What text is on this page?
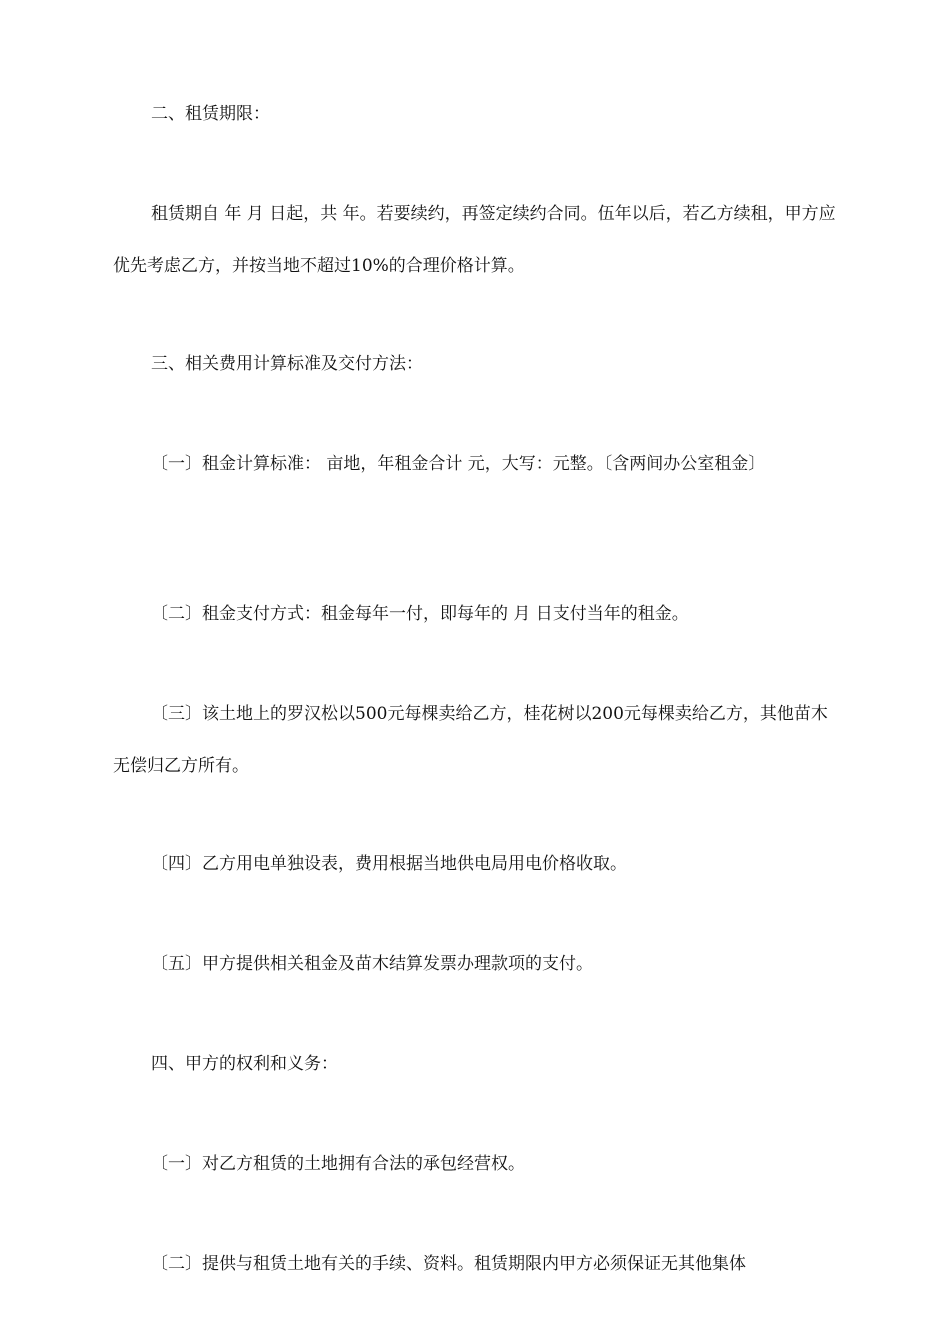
二、租赁期限：

租赁期自 年 月 日起，共 年。若要续约，再签定续约合同。伍年以后，若乙方续租，甲方应优先考虑乙方，并按当地不超过10%的合理价格计算。

三、相关费用计算标准及交付方法：

〔一〕租金计算标准： 亩地，年租金合计 元，大写：元整。〔含两间办公室租金〕

〔二〕租金支付方式：租金每年一付，即每年的 月 日支付当年的租金。

〔三〕该土地上的罗汉松以500元每棵卖给乙方，桂花树以200元每棵卖给乙方，其他苗木无偿归乙方所有。

〔四〕乙方用电单独设表，费用根据当地供电局用电价格收取。

〔五〕甲方提供相关租金及苗木结算发票办理款项的支付。

四、甲方的权利和义务：

〔一〕对乙方租赁的土地拥有合法的承包经营权。

〔二〕提供与租赁土地有关的手续、资料。租赁期限内甲方必须保证无其他集体
